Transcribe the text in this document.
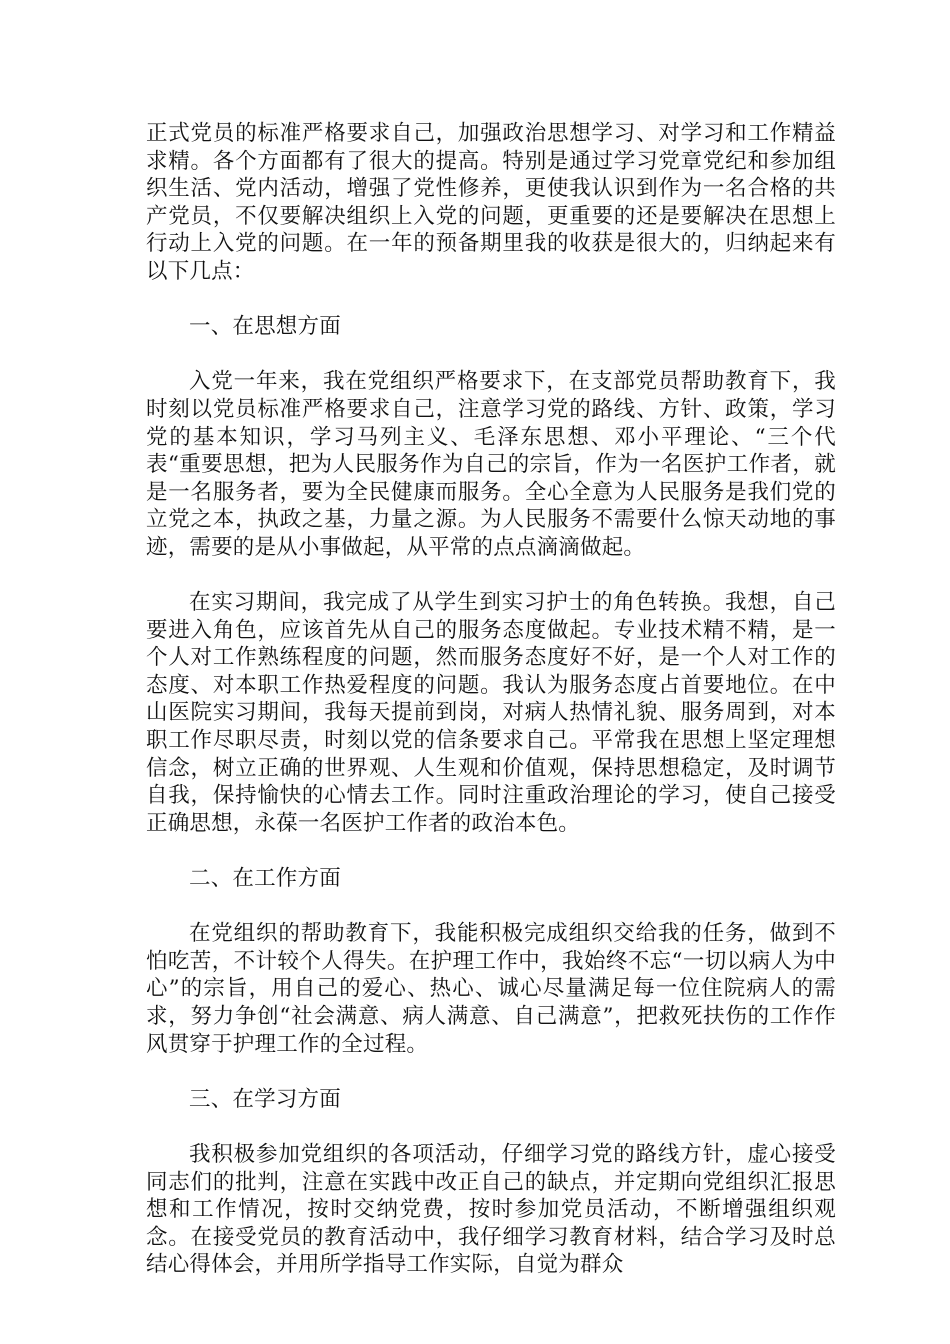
正式党员的标准严格要求自己，加强政治思想学习、对学习和工作精益求精。各个方面都有了很大的提高。特别是通过学习党章党纪和参加组织生活、党内活动，增强了党性修养，更使我认识到作为一名合格的共产党员，不仅要解决组织上入党的问题，更重要的还是要解决在思想上行动上入党的问题。在一年的预备期里我的收获是很大的，归纳起来有以下几点：

一、在思想方面

入党一年来，我在党组织严格要求下，在支部党员帮助教育下，我时刻以党员标准严格要求自己，注意学习党的路线、方针、政策，学习党的基本知识，学习马列主义、毛泽东思想、邓小平理论、“三个代表“重要思想，把为人民服务作为自己的宗旨，作为一名医护工作者，就是一名服务者，要为全民健康而服务。全心全意为人民服务是我们党的立党之本，执政之基，力量之源。为人民服务不需要什么惊天动地的事迹，需要的是从小事做起，从平常的点点滴滴做起。

在实习期间，我完成了从学生到实习护士的角色转换。我想，自己要进入角色，应该首先从自己的服务态度做起。专业技术精不精，是一个人对工作熟练程度的问题，然而服务态度好不好，是一个人对工作的态度、对本职工作热爱程度的问题。我认为服务态度占首要地位。在中山医院实习期间，我每天提前到岗，对病人热情礼貌、服务周到，对本职工作尽职尽责，时刻以党的信条要求自己。平常我在思想上坚定理想信念，树立正确的世界观、人生观和价值观，保持思想稳定，及时调节自我，保持愉快的心情去工作。同时注重政治理论的学习，使自己接受正确思想，永葆一名医护工作者的政治本色。

二、在工作方面

在党组织的帮助教育下，我能积极完成组织交给我的任务，做到不怕吃苦，不计较个人得失。在护理工作中，我始终不忘“一切以病人为中心”的宗旨，用自己的爱心、热心、诚心尽量满足每一位住院病人的需求，努力争创“社会满意、病人满意、自己满意”，把救死扶伤的工作作风贯穿于护理工作的全过程。

三、在学习方面

我积极参加党组织的各项活动，仔细学习党的路线方针，虚心接受同志们的批判，注意在实践中改正自己的缺点，并定期向党组织汇报思想和工作情况，按时交纳党费，按时参加党员活动，不断增强组织观念。在接受党员的教育活动中，我仔细学习教育材料，结合学习及时总结心得体会，并用所学指导工作实际，自觉为群众
